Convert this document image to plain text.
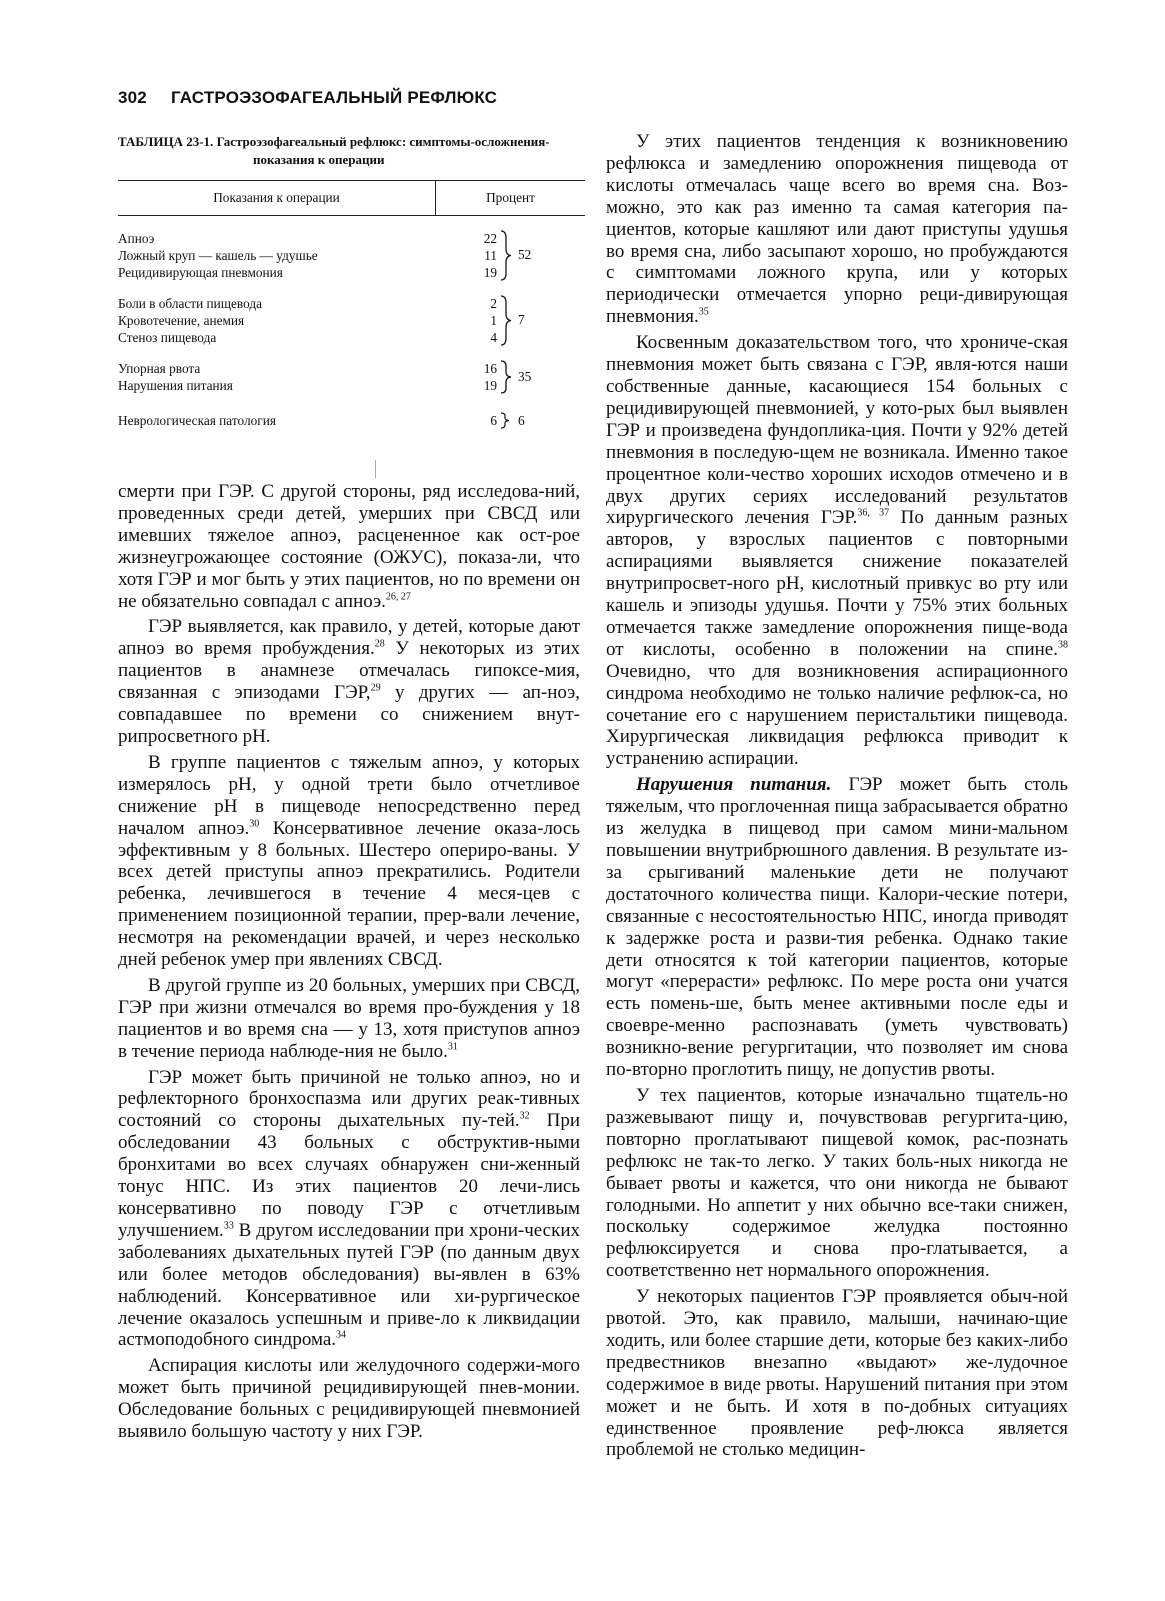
302 ГАСТРОЭЗОФАГЕАЛЬНЫЙ РЕФЛЮКС
ТАБЛИЦА 23-1. Гастроэзофагеальный рефлюкс: симптомы-осложнения-показания к операции
Показания к операции	Процент
Апноэ	22
Ложный круп — кашель — удушье	11
Рецидивирующая пневмония	19
52
Боли в области пищевода	2
Кровотечение, анемия	1
Стеноз пищевода	4
7
Упорная рвота	16
Нарушения питания	19
35
Неврологическая патология	6 6

смерти при ГЭР. С другой стороны, ряд исследова-ний, проведенных среди детей, умерших при СВСД или имевших тяжелое апноэ, расцененное как ост-рое жизнеугрожающее состояние (ОЖУС), показа-ли, что хотя ГЭР и мог быть у этих пациентов, но по времени он не обязательно совпадал с апноэ.$^{26, 27}$

ГЭР выявляется, как правило, у детей, которые дают апноэ во время пробуждения.$^{28}$ У некоторых из этих пациентов в анамнезе отмечалась гипоксе-мия, связанная с эпизодами ГЭР,$^{29}$ у других — ап-ноэ, совпадавшее по времени со снижением внут-рипросветного pH.

В группе пациентов с тяжелым апноэ, у которых измерялось pH, у одной трети было отчетливое снижение pH в пищеводе непосредственно перед началом апноэ.$^{30}$ Консервативное лечение оказа-лось эффективным у 8 больных. Шестеро опериро-ваны. У всех детей приступы апноэ прекратились. Родители ребенка, лечившегося в течение 4 меся-цев с применением позиционной терапии, прер-вали лечение, несмотря на рекомендации врачей, и через несколько дней ребенок умер при явлениях СВСД.

В другой группе из 20 больных, умерших при СВСД, ГЭР при жизни отмечался во время про-буждения у 18 пациентов и во время сна — у 13, хотя приступов апноэ в течение периода наблюде-ния не было.$^{31}$

ГЭР может быть причиной не только апноэ, но и рефлекторного бронхоспазма или других реак-тивных состояний со стороны дыхательных пу-тей.$^{32}$ При обследовании 43 больных с обструктив-ными бронхитами во всех случаях обнаружен сни-женный тонус НПС. Из этих пациентов 20 лечи-лись консервативно по поводу ГЭР с отчетливым улучшением.$^{33}$ В другом исследовании при хрони-ческих заболеваниях дыхательных путей ГЭР (по данным двух или более методов обследования) вы-явлен в 63% наблюдений. Консервативное или хи-рургическое лечение оказалось успешным и приве-ло к ликвидации астмоподобного синдрома.$^{34}$

Аспирация кислоты или желудочного содержи-мого может быть причиной рецидивирующей пнев-монии. Обследование больных с рецидивирующей пневмонией выявило большую частоту у них ГЭР.

У этих пациентов тенденция к возникновению рефлюкса и замедлению опорожнения пищевода от кислоты отмечалась чаще всего во время сна. Воз-можно, это как раз именно та самая категория па-циентов, которые кашляют или дают приступы удушья во время сна, либо засыпают хорошо, но пробуждаются с симптомами ложного крупа, или у которых периодически отмечается упорно реци-дивирующая пневмония.$^{35}$

Косвенным доказательством того, что хрониче-ская пневмония может быть связана с ГЭР, явля-ются наши собственные данные, касающиеся 154 больных с рецидивирующей пневмонией, у кото-рых был выявлен ГЭР и произведена фундоплика-ция. Почти у 92% детей пневмония в последую-щем не возникала. Именно такое процентное коли-чество хороших исходов отмечено и в двух других сериях исследований результатов хирургического лечения ГЭР.$^{36, 37}$ По данным разных авторов, у взрослых пациентов с повторными аспирациями выявляется снижение показателей внутрипросвет-ного pH, кислотный привкус во рту или кашель и эпизоды удушья. Почти у 75% этих больных отмечается также замедление опорожнения пище-вода от кислоты, особенно в положении на спине.$^{38}$ Очевидно, что для возникновения аспирационного синдрома необходимо не только наличие рефлюк-са, но сочетание его с нарушением перистальтики пищевода. Хирургическая ликвидация рефлюкса приводит к устранению аспирации.

Нарушения питания. ГЭР может быть столь тяжелым, что проглоченная пища забрасывается обратно из желудка в пищевод при самом мини-мальном повышении внутрибрюшного давления. В результате из-за срыгиваний маленькие дети не получают достаточного количества пищи. Калори-ческие потери, связанные с несостоятельностью НПС, иногда приводят к задержке роста и разви-тия ребенка. Однако такие дети относятся к той категории пациентов, которые могут «перерасти» рефлюкс. По мере роста они учатся есть помень-ше, быть менее активными после еды и своевре-менно распознавать (уметь чувствовать) возникно-вение регургитации, что позволяет им снова по-вторно проглотить пищу, не допустив рвоты.

У тех пациентов, которые изначально тщатель-но разжевывают пищу и, почувствовав регургита-цию, повторно проглатывают пищевой комок, рас-познать рефлюкс не так-то легко. У таких боль-ных никогда не бывает рвоты и кажется, что они никогда не бывают голодными. Но аппетит у них обычно все-таки снижен, поскольку содержимое желудка постоянно рефлюксируется и снова про-глатывается, а соответственно нет нормального опорожнения.

У некоторых пациентов ГЭР проявляется обыч-ной рвотой. Это, как правило, малыши, начинаю-щие ходить, или более старшие дети, которые без каких-либо предвестников внезапно «выдают» же-лудочное содержимое в виде рвоты. Нарушений питания при этом может и не быть. И хотя в по-добных ситуациях единственное проявление реф-люкса является проблемой не столько медицин-
